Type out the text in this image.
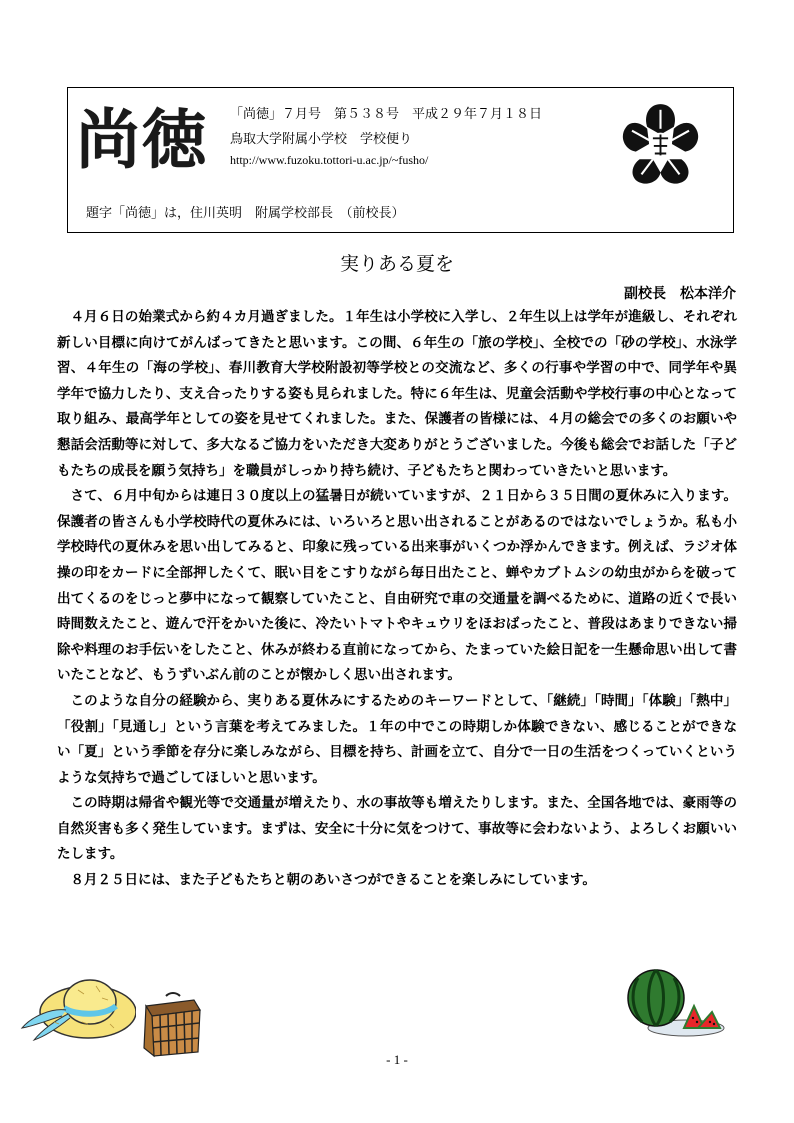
尚徳 「尚徳」７月号　第５３８号　平成２９年７月１８日
鳥取大学附属小学校　学校便り
http://www.fuzoku.tottori-u.ac.jp/~fusho/
題字「尚徳」は，住川英明　附属学校部長　（前校長）
実りある夏を
副校長　松本洋介

４月６日の始業式から約４カ月過ぎました。１年生は小学校に入学し、２年生以上は学年が進級し、それぞれ新しい目標に向けてがんばってきたと思います。この間、６年生の「旅の学校」、全校での「砂の学校」、水泳学習、４年生の「海の学校」、春川教育大学校附設初等学校との交流など、多くの行事や学習の中で、同学年や異学年で協力したり、支え合ったりする姿も見られました。特に６年生は、児童会活動や学校行事の中心となって取り組み、最高学年としての姿を見せてくれました。また、保護者の皆様には、４月の総会での多くのお願いや懇話会活動等に対して、多大なるご協力をいただき大変ありがとうございました。今後も総会でお話した「子どもたちの成長を願う気持ち」を職員がしっかり持ち続け、子どもたちと関わっていきたいと思います。

さて、６月中旬からは連日３０度以上の猛暑日が続いていますが、２１日から３５日間の夏休みに入ります。保護者の皆さんも小学校時代の夏休みには、いろいろと思い出されることがあるのではないでしょうか。私も小学校時代の夏休みを思い出してみると、印象に残っている出来事がいくつか浮かんできます。例えば、ラジオ体操の印をカードに全部押したくて、眠い目をこすりながら毎日出たこと、蝉やカブトムシの幼虫がからを破って出てくるのをじっと夢中になって観察していたこと、自由研究で車の交通量を調べるために、道路の近くで長い時間数えたこと、遊んで汗をかいた後に、冷たいトマトやキュウリをほおばったこと、普段はあまりできない掃除や料理のお手伝いをしたこと、休みが終わる直前になってから、たまっていた絵日記を一生懸命思い出して書いたことなど、もうずいぶん前のことが懐かしく思い出されます。

このような自分の経験から、実りある夏休みにするためのキーワードとして、「継続」「時間」「体験」「熱中」「役割」「見通し」という言葉を考えてみました。１年の中でこの時期しか体験できない、感じることができない「夏」という季節を存分に楽しみながら、目標を持ち、計画を立て、自分で一日の生活をつくっていくというような気持ちで過ごしてほしいと思います。

この時期は帰省や観光等で交通量が増えたり、水の事故等も増えたりします。また、全国各地では、豪雨等の自然災害も多く発生しています。まずは、安全に十分に気をつけて、事故等に会わないよう、よろしくお願いいたします。

８月２５日には、また子どもたちと朝のあいさつができることを楽しみにしています。

- 1 -
